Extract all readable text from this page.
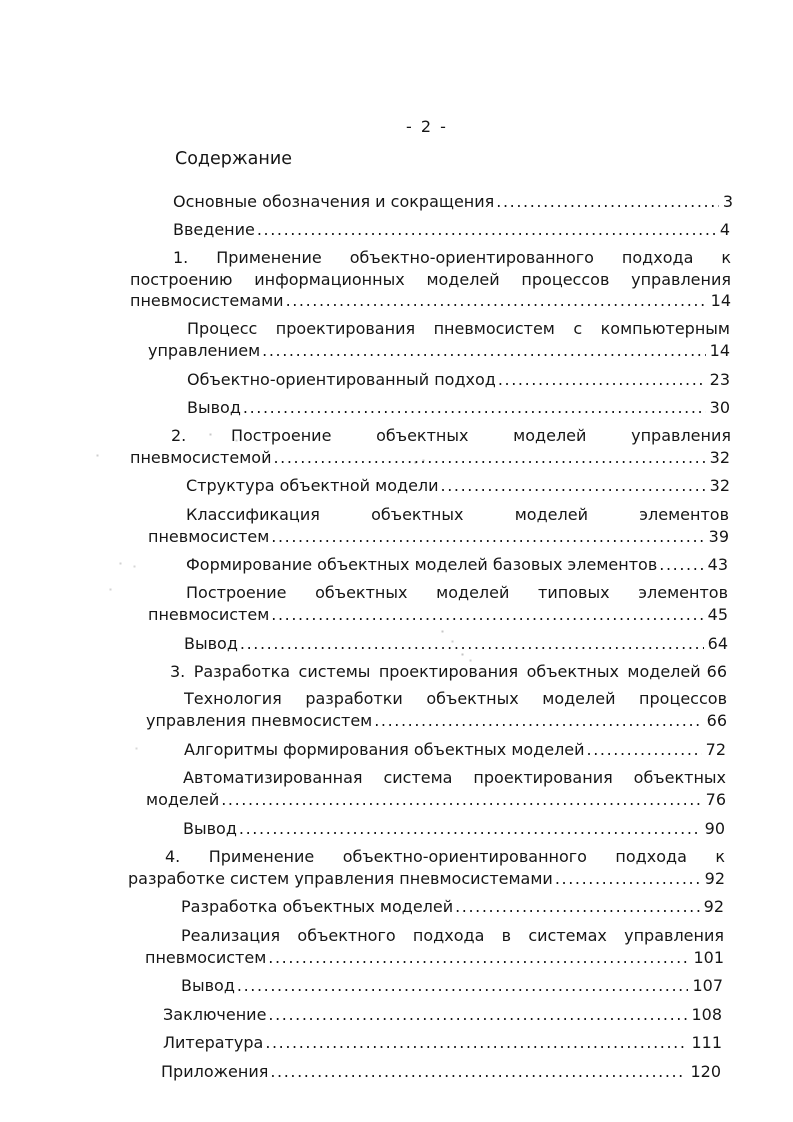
- 2 -
Содержание
Основные обозначения и сокращения .....	3
Введение .....	4
1. Применение объектно-ориентированного подхода к
построению информационных моделей процессов управления
пневмосистемами .....	14
Процесс проектирования пневмосистем с компьютерным
управлением .....	14
Объектно-ориентированный подход .....	23
Вывод .....	30
2. Построение объектных моделей управления
пневмосистемой .....	32
Структура объектной модели .....	32
Классификация объектных моделей элементов
пневмосистем .....	39
Формирование объектных моделей базовых элементов .....	43
Построение объектных моделей типовых элементов
пневмосистем .....	45
Вывод .....	64
3. Разработка системы проектирования объектных моделей 66
Технология разработки объектных моделей процессов
управления пневмосистем .....	66
Алгоритмы формирования объектных моделей .....	72
Автоматизированная система проектирования объектных
моделей .....	76
Вывод .....	90
4. Применение объектно-ориентированного подхода к
разработке систем управления пневмосистемами .....	92
Разработка объектных моделей .....	92
Реализация объектного подхода в системах управления
пневмосистем .....	101
Вывод .....	107
Заключение .....	108
Литература .....	111
Приложения .....	120
